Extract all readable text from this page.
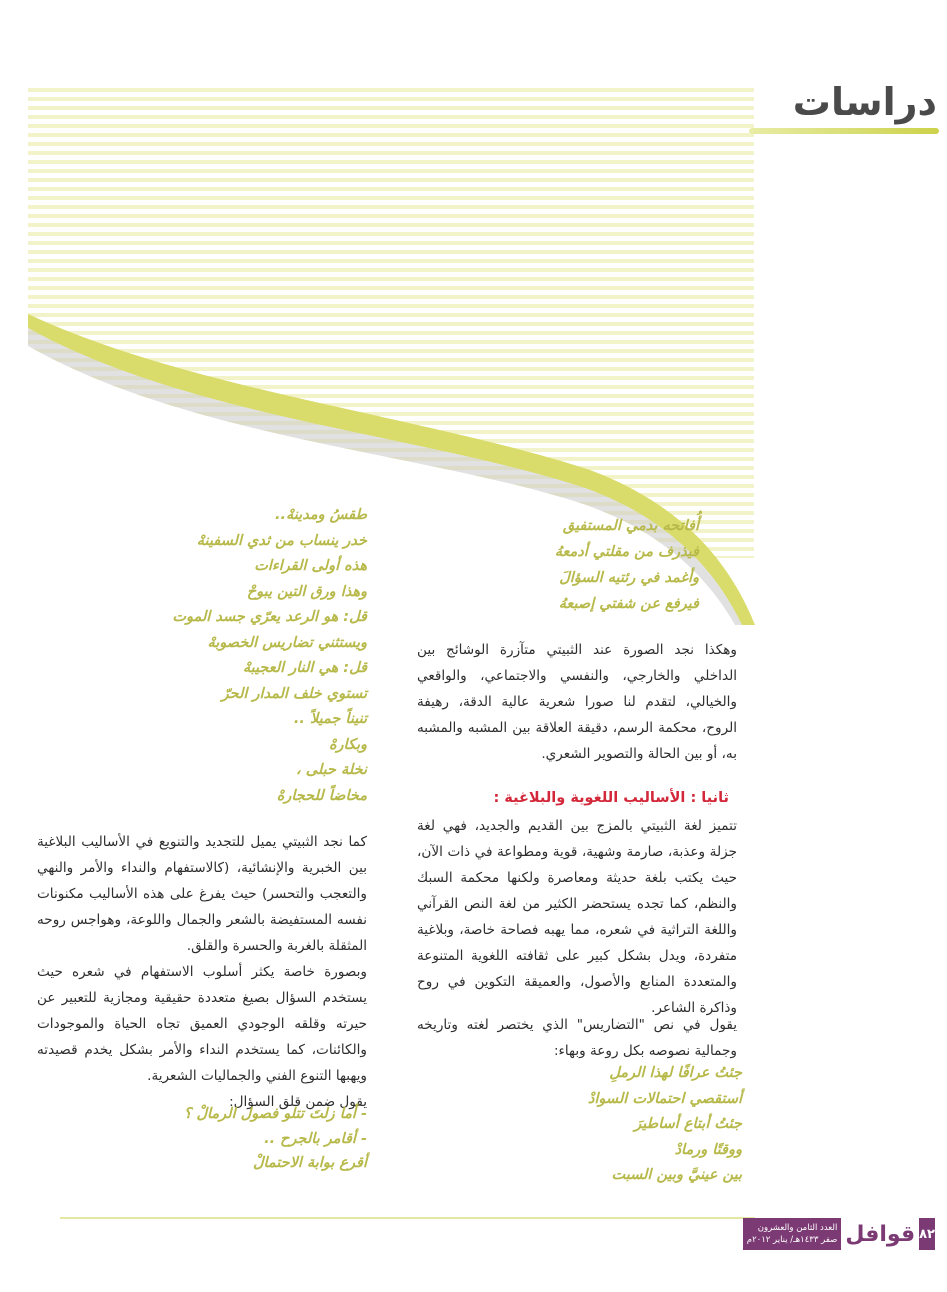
دراسات
أُفاتحه بدمي المستفيق
فيذرف من مقلتي أدمعهُ
وأغمد في رئتيه السؤالَ
فيرفع عن شفتي إصبعهُ
طقسُ ومدينهْ..
خدر ينساب من ثدي السفينهْ
هذه أولى القراءات
وهذا ورق التين يبوحْ
قل: هو الرعد يعرّي جسد الموت
ويستثني تضاريس الخصوبهْ
قل: هي النار العجيبهْ
تستوي خلف المدار الحرّ
تنيناً جميلاً ..
وبكارهْ
نخلة حبلى ،
مخاضاً للحجارهْ

وهكذا نجد الصورة عند الثبيتي متآزرة الوشائج بين الداخلي والخارجي، والنفسي والاجتماعي، والواقعي والخيالي، لتقدم لنا صورا شعرية عالية الدقة، رهيفة الروح، محكمة الرسم، دقيقة العلاقة بين المشبه والمشبه به، أو بين الحالة والتصوير الشعري.

ثانيا : الأساليب اللغوية والبلاغية :

تتميز لغة الثبيتي بالمزج بين القديم والجديد، فهي لغة جزلة وعذبة، صارمة وشهية، قوية ومطواعة في ذات الآن، حيث يكتب بلغة حديثة ومعاصرة ولكنها محكمة السبك والنظم، كما تجده يستحضر الكثير من لغة النص القرآني واللغة التراثية في شعره، مما يهبه فصاحة خاصة، وبلاغية متفردة، ويدل بشكل كبير على ثقافته اللغوية المتنوعة والمتعددة المنابع والأصول، والعميقة التكوين في روح وذاكرة الشاعر.

يقول في نص "التضاريس" الذي يختصر لغته وتاريخه وجمالية نصوصه بكل روعة وبهاء:

جئتُ عرافًا لهذا الرملِ
أستقصي احتمالات السوادْ
جئتُ أبتاع أساطيرَ
ووقتًا ورمادْ
بين عينيَّ وبين السبت

كما نجد الثبيتي يميل للتجديد والتنويع في الأساليب البلاغية بين الخبرية والإنشائية، (كالاستفهام والنداء والأمر والنهي والتعجب والتحسر) حيث يفرغ على هذه الأساليب مكنونات نفسه المستفيضة بالشعر والجمال واللوعة، وهواجس روحه المثقلة بالغربة والحسرة والقلق.

وبصورة خاصة يكثر أسلوب الاستفهام في شعره حيث يستخدم السؤال بصيغ متعددة حقيقية ومجازية للتعبير عن حيرته وقلقه الوجودي العميق تجاه الحياة والموجودات والكائنات، كما يستخدم النداء والأمر بشكل يخدم قصيدته ويهبها التنوع الفني والجماليات الشعرية.

يقول ضمن قلق السؤال:

- أما زلتَ تتلو فصول الرمالْ ؟
- أقامر بالجرح ..
أقرع بوابة الاحتمالْ
٨٢
قوافل
العدد الثامن والعشرون
صفر ١٤٣٣هـ/ يناير ٢٠١٢م
